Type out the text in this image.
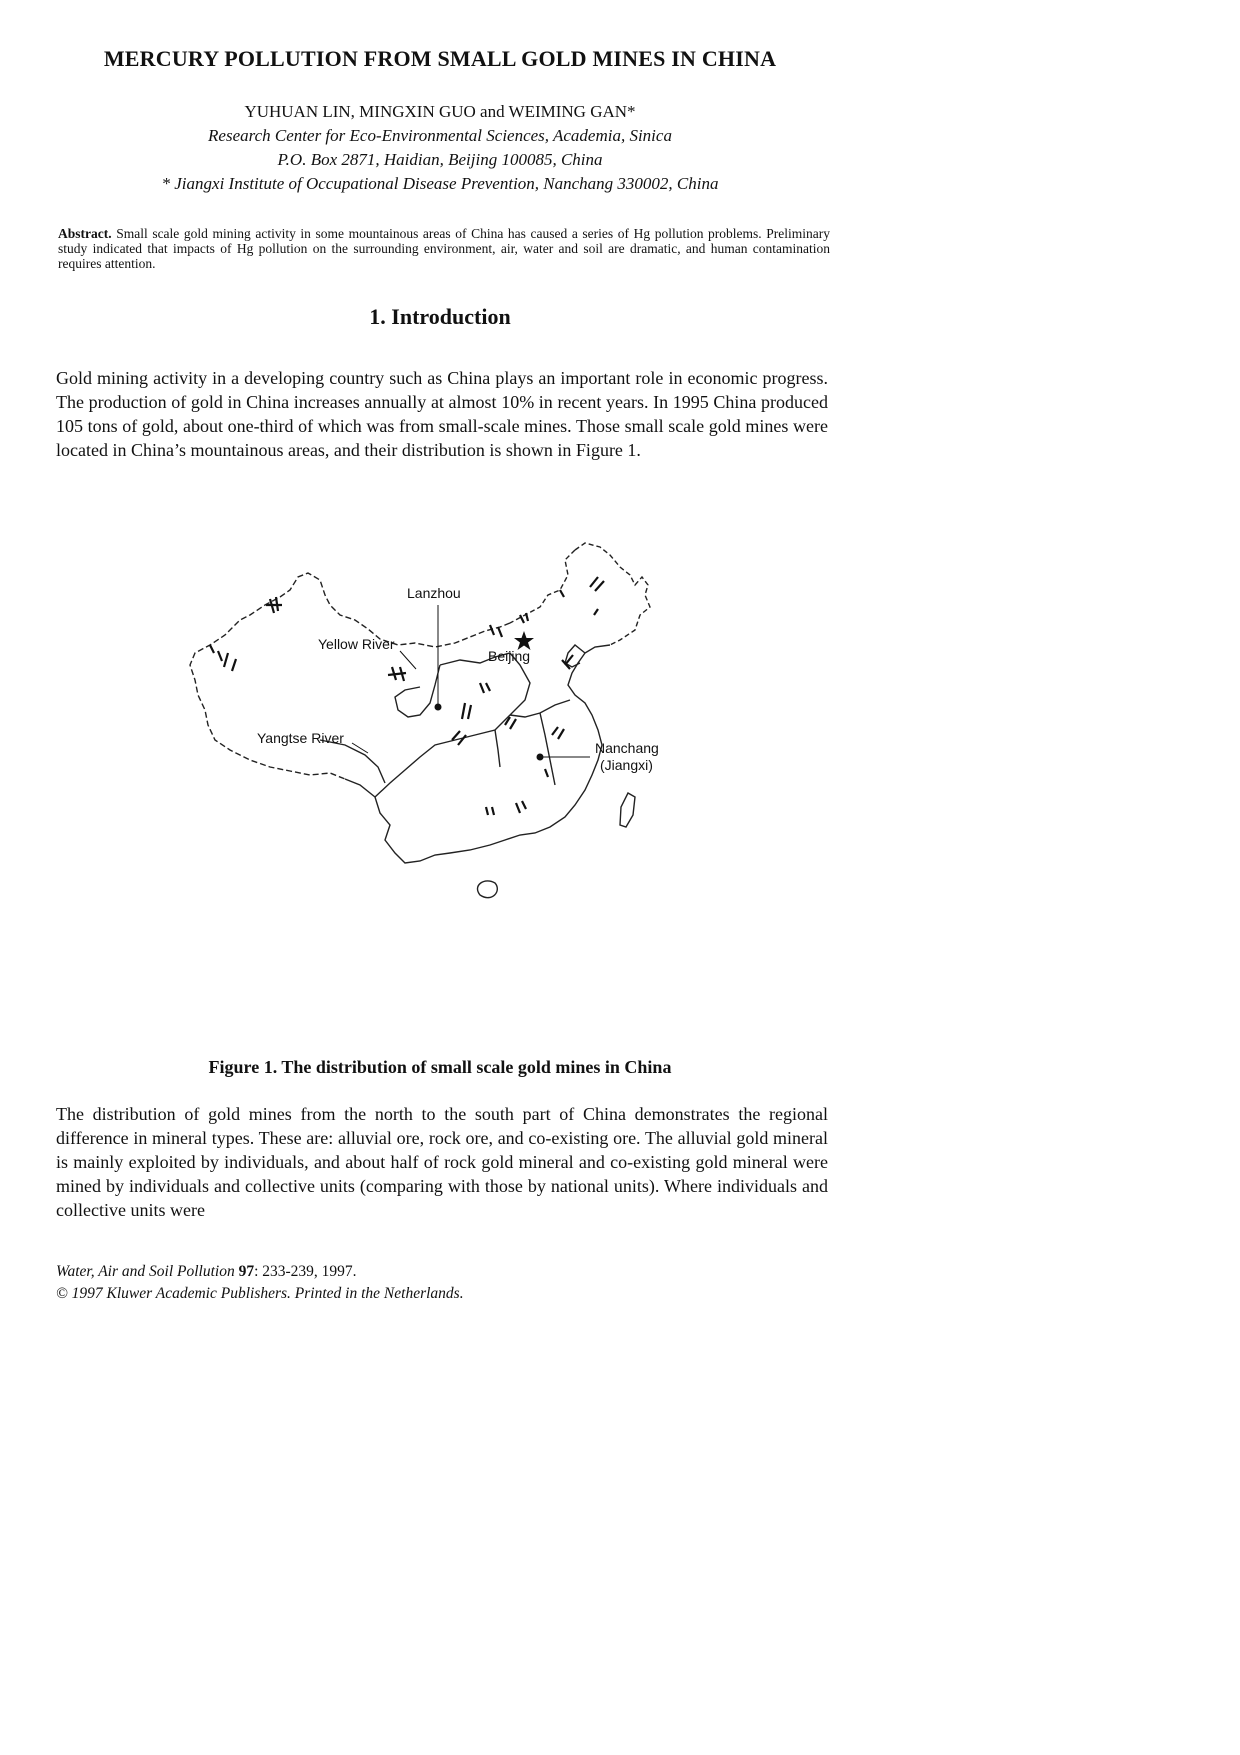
MERCURY POLLUTION FROM SMALL GOLD MINES IN CHINA
YUHUAN LIN, MINGXIN GUO and WEIMING GAN*
Research Center for Eco-Environmental Sciences, Academia, Sinica
P.O. Box 2871, Haidian, Beijing 100085, China
* Jiangxi Institute of Occupational Disease Prevention, Nanchang 330002, China
Abstract. Small scale gold mining activity in some mountainous areas of China has caused a series of Hg pollution problems. Preliminary study indicated that impacts of Hg pollution on the surrounding environment, air, water and soil are dramatic, and human contamination requires attention.
1. Introduction
Gold mining activity in a developing country such as China plays an important role in economic progress. The production of gold in China increases annually at almost 10% in recent years. In 1995 China produced 105 tons of gold, about one-third of which was from small-scale mines. Those small scale gold mines were located in China’s mountainous areas, and their distribution is shown in Figure 1.
Lanzhou
Yellow River
Beijing
Yangtse River
Nanchang
(Jiangxi)
Figure 1. The distribution of small scale gold mines in China
The distribution of gold mines from the north to the south part of China demonstrates the regional difference in mineral types. These are: alluvial ore, rock ore, and co-existing ore. The alluvial gold mineral is mainly exploited by individuals, and about half of rock gold mineral and co-existing gold mineral were mined by individuals and collective units (comparing with those by national units). Where individuals and collective units were
Water, Air and Soil Pollution 97: 233-239, 1997.
© 1997 Kluwer Academic Publishers. Printed in the Netherlands.
